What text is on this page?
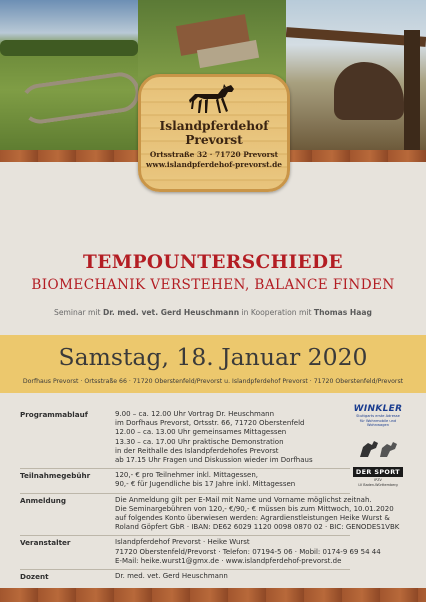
Islandpferdehof
Prevorst
Ortsstraße 32 · 71720 Prevorst
www.islandpferdehof-prevorst.de
TEMPOUNTERSCHIEDE
BIOMECHANIK VERSTEHEN, BALANCE FINDEN
Seminar mit Dr. med. vet. Gerd Heuschmann in Kooperation mit Thomas Haag
Samstag, 18. Januar 2020
Dorfhaus Prevorst · Ortsstraße 66 · 71720 Oberstenfeld/Prevorst u. Islandpferdehof Prevorst · 71720 Oberstenfeld/Prevorst
Programmablauf	9.00 – ca. 12.00 Uhr Vortrag Dr. Heuschmann
im Dorfhaus Prevorst, Ortsstr. 66, 71720 Oberstenfeld
12.00 – ca. 13.00 Uhr gemeinsames Mittagessen
13.30 – ca. 17.00 Uhr praktische Demonstration
in der Reithalle des Islandpferdehofes Prevorst
ab 17.15 Uhr Fragen und Diskussion wieder im Dorfhaus
Teilnahmegebühr	120,- € pro Teilnehmer inkl. Mittagessen,
90,- € für Jugendliche bis 17 Jahre inkl. Mittagessen
Anmeldung	Die Anmeldung gilt per E-Mail mit Name und Vorname möglichst zeitnah.
Die Seminargebühren von 120,- €/90,- € müssen bis zum Mittwoch, 10.01.2020
auf folgendes Konto überwiesen werden: Agrardienstleistungen Heike Wurst &
Roland Göpfert GbR · IBAN: DE62 6029 1120 0098 0870 02 · BIC: GENODES1VBK
Veranstalter	Islandpferdehof Prevorst · Heike Wurst
71720 Oberstenfeld/Prevorst · Telefon: 07194-5 06 · Mobil: 0174-9 69 54 44
E-Mail: heike.wurst1@gmx.de · www.islandpferdehof-prevorst.de
Dozent	Dr. med. vet. Gerd Heuschmann
WINKLER
Stuttgarts erste Adresse
für Wohnmobile und Wohnwagen
DER SPORT
IPZV
LV Baden-Württemberg
